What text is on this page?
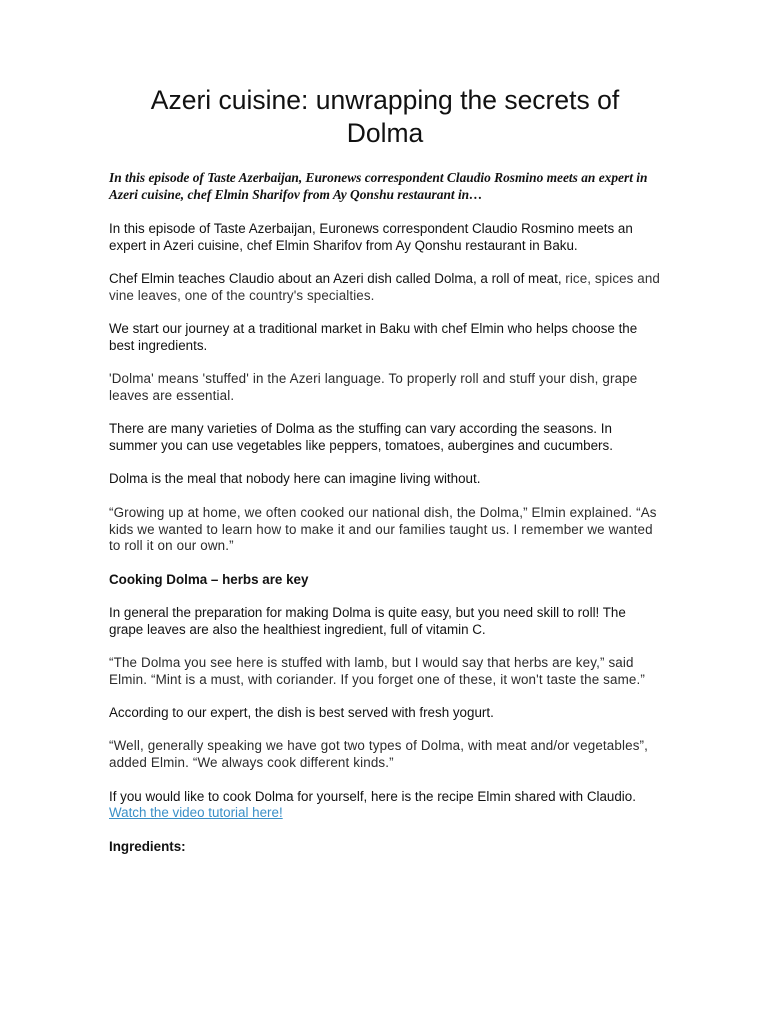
Azeri cuisine: unwrapping the secrets of Dolma

In this episode of Taste Azerbaijan, Euronews correspondent Claudio Rosmino meets an expert in Azeri cuisine, chef Elmin Sharifov from Ay Qonshu restaurant in…

In this episode of Taste Azerbaijan, Euronews correspondent Claudio Rosmino meets an expert in Azeri cuisine, chef Elmin Sharifov from Ay Qonshu restaurant in Baku.

Chef Elmin teaches Claudio about an Azeri dish called Dolma, a roll of meat, rice, spices and vine leaves, one of the country's specialties.

We start our journey at a traditional market in Baku with chef Elmin who helps choose the best ingredients.

'Dolma' means 'stuffed' in the Azeri language. To properly roll and stuff your dish, grape leaves are essential.

There are many varieties of Dolma as the stuffing can vary according the seasons. In summer you can use vegetables like peppers, tomatoes, aubergines and cucumbers.

Dolma is the meal that nobody here can imagine living without.

“Growing up at home, we often cooked our national dish, the Dolma,” Elmin explained. “As kids we wanted to learn how to make it and our families taught us. I remember we wanted to roll it on our own.”

Cooking Dolma – herbs are key

In general the preparation for making Dolma is quite easy, but you need skill to roll! The grape leaves are also the healthiest ingredient, full of vitamin C.

“The Dolma you see here is stuffed with lamb, but I would say that herbs are key,” said Elmin. “Mint is a must, with coriander. If you forget one of these, it won't taste the same.”

According to our expert, the dish is best served with fresh yogurt.

“Well, generally speaking we have got two types of Dolma, with meat and/or vegetables”, added Elmin. “We always cook different kinds.”

If you would like to cook Dolma for yourself, here is the recipe Elmin shared with Claudio. Watch the video tutorial here!

Ingredients:
